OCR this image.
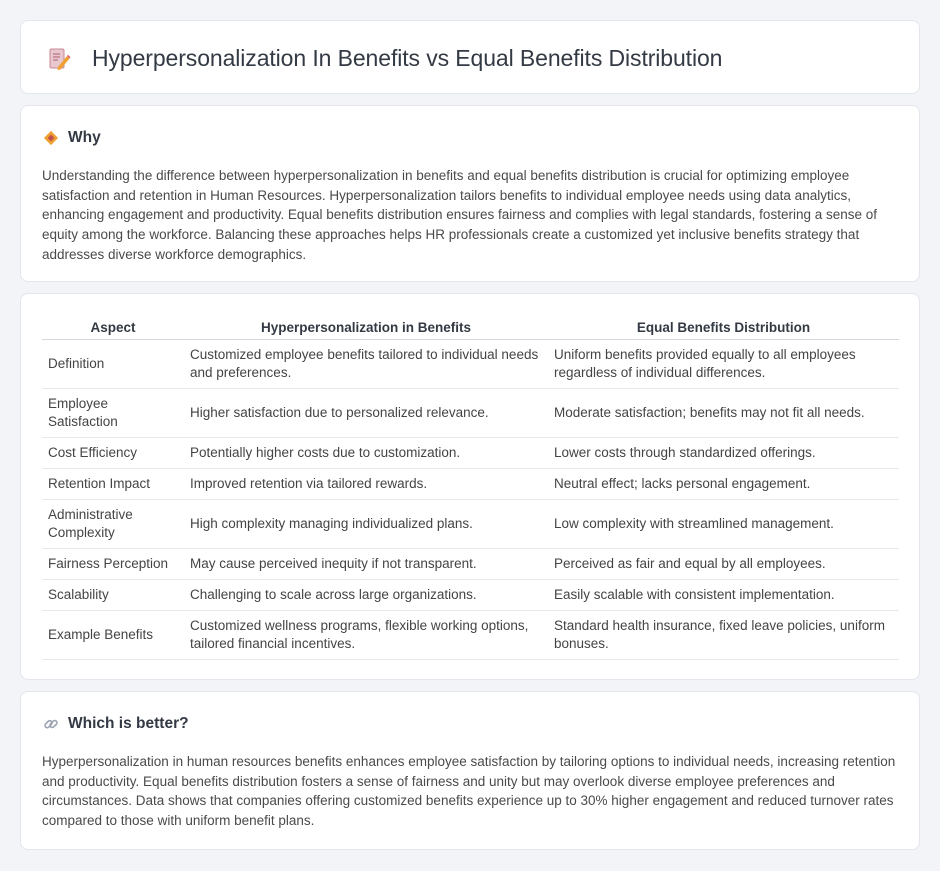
Hyperpersonalization In Benefits vs Equal Benefits Distribution
Why

Understanding the difference between hyperpersonalization in benefits and equal benefits distribution is crucial for optimizing employee satisfaction and retention in Human Resources. Hyperpersonalization tailors benefits to individual employee needs using data analytics, enhancing engagement and productivity. Equal benefits distribution ensures fairness and complies with legal standards, fostering a sense of equity among the workforce. Balancing these approaches helps HR professionals create a customized yet inclusive benefits strategy that addresses diverse workforce demographics.

Aspect	Hyperpersonalization in Benefits	Equal Benefits Distribution
Definition	Customized employee benefits tailored to individual needs and preferences.	Uniform benefits provided equally to all employees regardless of individual differences.
Employee Satisfaction	Higher satisfaction due to personalized relevance.	Moderate satisfaction; benefits may not fit all needs.
Cost Efficiency	Potentially higher costs due to customization.	Lower costs through standardized offerings.
Retention Impact	Improved retention via tailored rewards.	Neutral effect; lacks personal engagement.
Administrative Complexity	High complexity managing individualized plans.	Low complexity with streamlined management.
Fairness Perception	May cause perceived inequity if not transparent.	Perceived as fair and equal by all employees.
Scalability	Challenging to scale across large organizations.	Easily scalable with consistent implementation.
Example Benefits	Customized wellness programs, flexible working options, tailored financial incentives.	Standard health insurance, fixed leave policies, uniform bonuses.
Which is better?

Hyperpersonalization in human resources benefits enhances employee satisfaction by tailoring options to individual needs, increasing retention and productivity. Equal benefits distribution fosters a sense of fairness and unity but may overlook diverse employee preferences and circumstances. Data shows that companies offering customized benefits experience up to 30% higher engagement and reduced turnover rates compared to those with uniform benefit plans.
